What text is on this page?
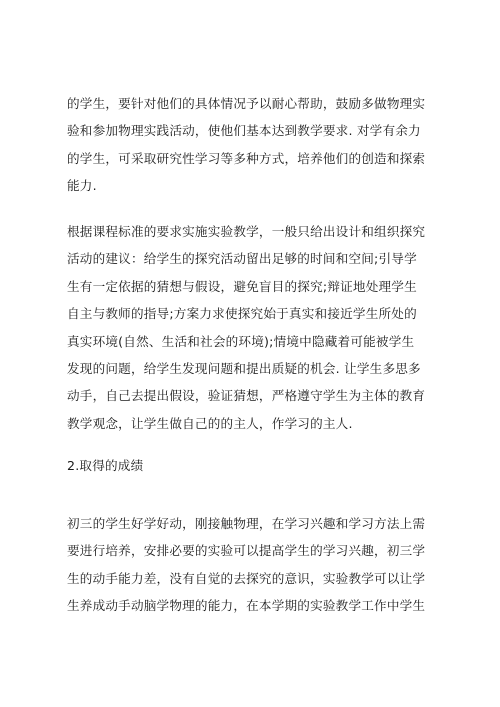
的学生，要针对他们的具体情况予以耐心帮助，鼓励多做物理实
验和参加物理实践活动，使他们基本达到教学要求. 对学有余力
的学生，可采取研究性学习等多种方式，培养他们的创造和探索
能力.

根据课程标准的要求实施实验教学，一般只给出设计和组织探究
活动的建议：给学生的探究活动留出足够的时间和空间;引导学
生有一定依据的猜想与假设，避免盲目的探究;辩证地处理学生
自主与教师的指导;方案力求使探究始于真实和接近学生所处的
真实环境(自然、生活和社会的环境);情境中隐藏着可能被学生
发现的问题，给学生发现问题和提出质疑的机会. 让学生多思多
动手，自己去提出假设，验证猜想，严格遵守学生为主体的教育
教学观念，让学生做自己的的主人，作学习的主人.

2.取得的成绩

初三的学生好学好动，刚接触物理，在学习兴趣和学习方法上需
要进行培养，安排必要的实验可以提高学生的学习兴趣，初三学
生的动手能力差，没有自觉的去探究的意识，实验教学可以让学
生养成动手动脑学物理的能力，在本学期的实验教学工作中学生
